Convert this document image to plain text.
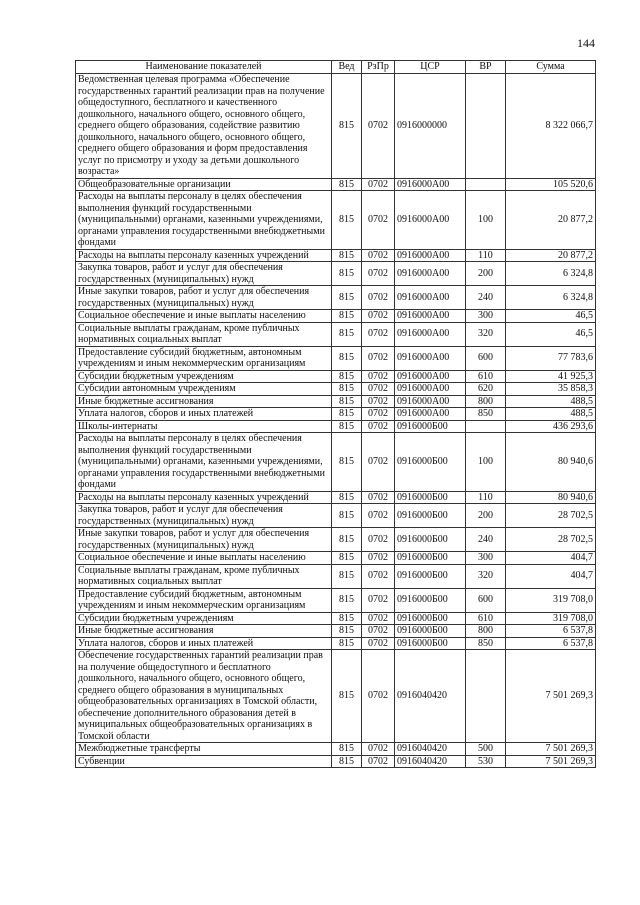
144
Наименование показателей	Вед	РзПр	ЦСР	ВР	Сумма
Ведомственная целевая программа «Обеспечение государственных гарантий реализации прав на получение общедоступного, бесплатного и качественного дошкольного, начального общего, основного общего, среднего общего образования, содействие развитию дошкольного, начального общего, основного общего, среднего общего образования и форм предоставления услуг по присмотру и уходу за детьми дошкольного возраста»	815	0702	0916000000		8 322 066,7
Общеобразовательные организации	815	0702	0916000А00		105 520,6
Расходы на выплаты персоналу в целях обеспечения выполнения функций государственными (муниципальными) органами, казенными учреждениями, органами управления государственными внебюджетными фондами	815	0702	0916000А00	100	20 877,2
Расходы на выплаты персоналу казенных учреждений	815	0702	0916000А00	110	20 877,2
Закупка товаров, работ и услуг для обеспечения государственных (муниципальных) нужд	815	0702	0916000А00	200	6 324,8
Иные закупки товаров, работ и услуг для обеспечения государственных (муниципальных) нужд	815	0702	0916000А00	240	6 324,8
Социальное обеспечение и иные выплаты населению	815	0702	0916000А00	300	46,5
Социальные выплаты гражданам, кроме публичных нормативных социальных выплат	815	0702	0916000А00	320	46,5
Предоставление субсидий бюджетным, автономным учреждениям и иным некоммерческим организациям	815	0702	0916000А00	600	77 783,6
Субсидии бюджетным учреждениям	815	0702	0916000А00	610	41 925,3
Субсидии автономным учреждениям	815	0702	0916000А00	620	35 858,3
Иные бюджетные ассигнования	815	0702	0916000А00	800	488,5
Уплата налогов, сборов и иных платежей	815	0702	0916000А00	850	488,5
Школы-интернаты	815	0702	0916000Б00		436 293,6
Расходы на выплаты персоналу в целях обеспечения выполнения функций государственными (муниципальными) органами, казенными учреждениями, органами управления государственными внебюджетными фондами	815	0702	0916000Б00	100	80 940,6
Расходы на выплаты персоналу казенных учреждений	815	0702	0916000Б00	110	80 940,6
Закупка товаров, работ и услуг для обеспечения государственных (муниципальных) нужд	815	0702	0916000Б00	200	28 702,5
Иные закупки товаров, работ и услуг для обеспечения государственных (муниципальных) нужд	815	0702	0916000Б00	240	28 702,5
Социальное обеспечение и иные выплаты населению	815	0702	0916000Б00	300	404,7
Социальные выплаты гражданам, кроме публичных нормативных социальных выплат	815	0702	0916000Б00	320	404,7
Предоставление субсидий бюджетным, автономным учреждениям и иным некоммерческим организациям	815	0702	0916000Б00	600	319 708,0
Субсидии бюджетным учреждениям	815	0702	0916000Б00	610	319 708,0
Иные бюджетные ассигнования	815	0702	0916000Б00	800	6 537,8
Уплата налогов, сборов и иных платежей	815	0702	0916000Б00	850	6 537,8
Обеспечение государственных гарантий реализации прав на получение общедоступного и бесплатного дошкольного, начального общего, основного общего, среднего общего образования в муниципальных общеобразовательных организациях в Томской области, обеспечение дополнительного образования детей в муниципальных общеобразовательных организациях в Томской области	815	0702	0916040420		7 501 269,3
Межбюджетные трансферты	815	0702	0916040420	500	7 501 269,3
Субвенции	815	0702	0916040420	530	7 501 269,3
